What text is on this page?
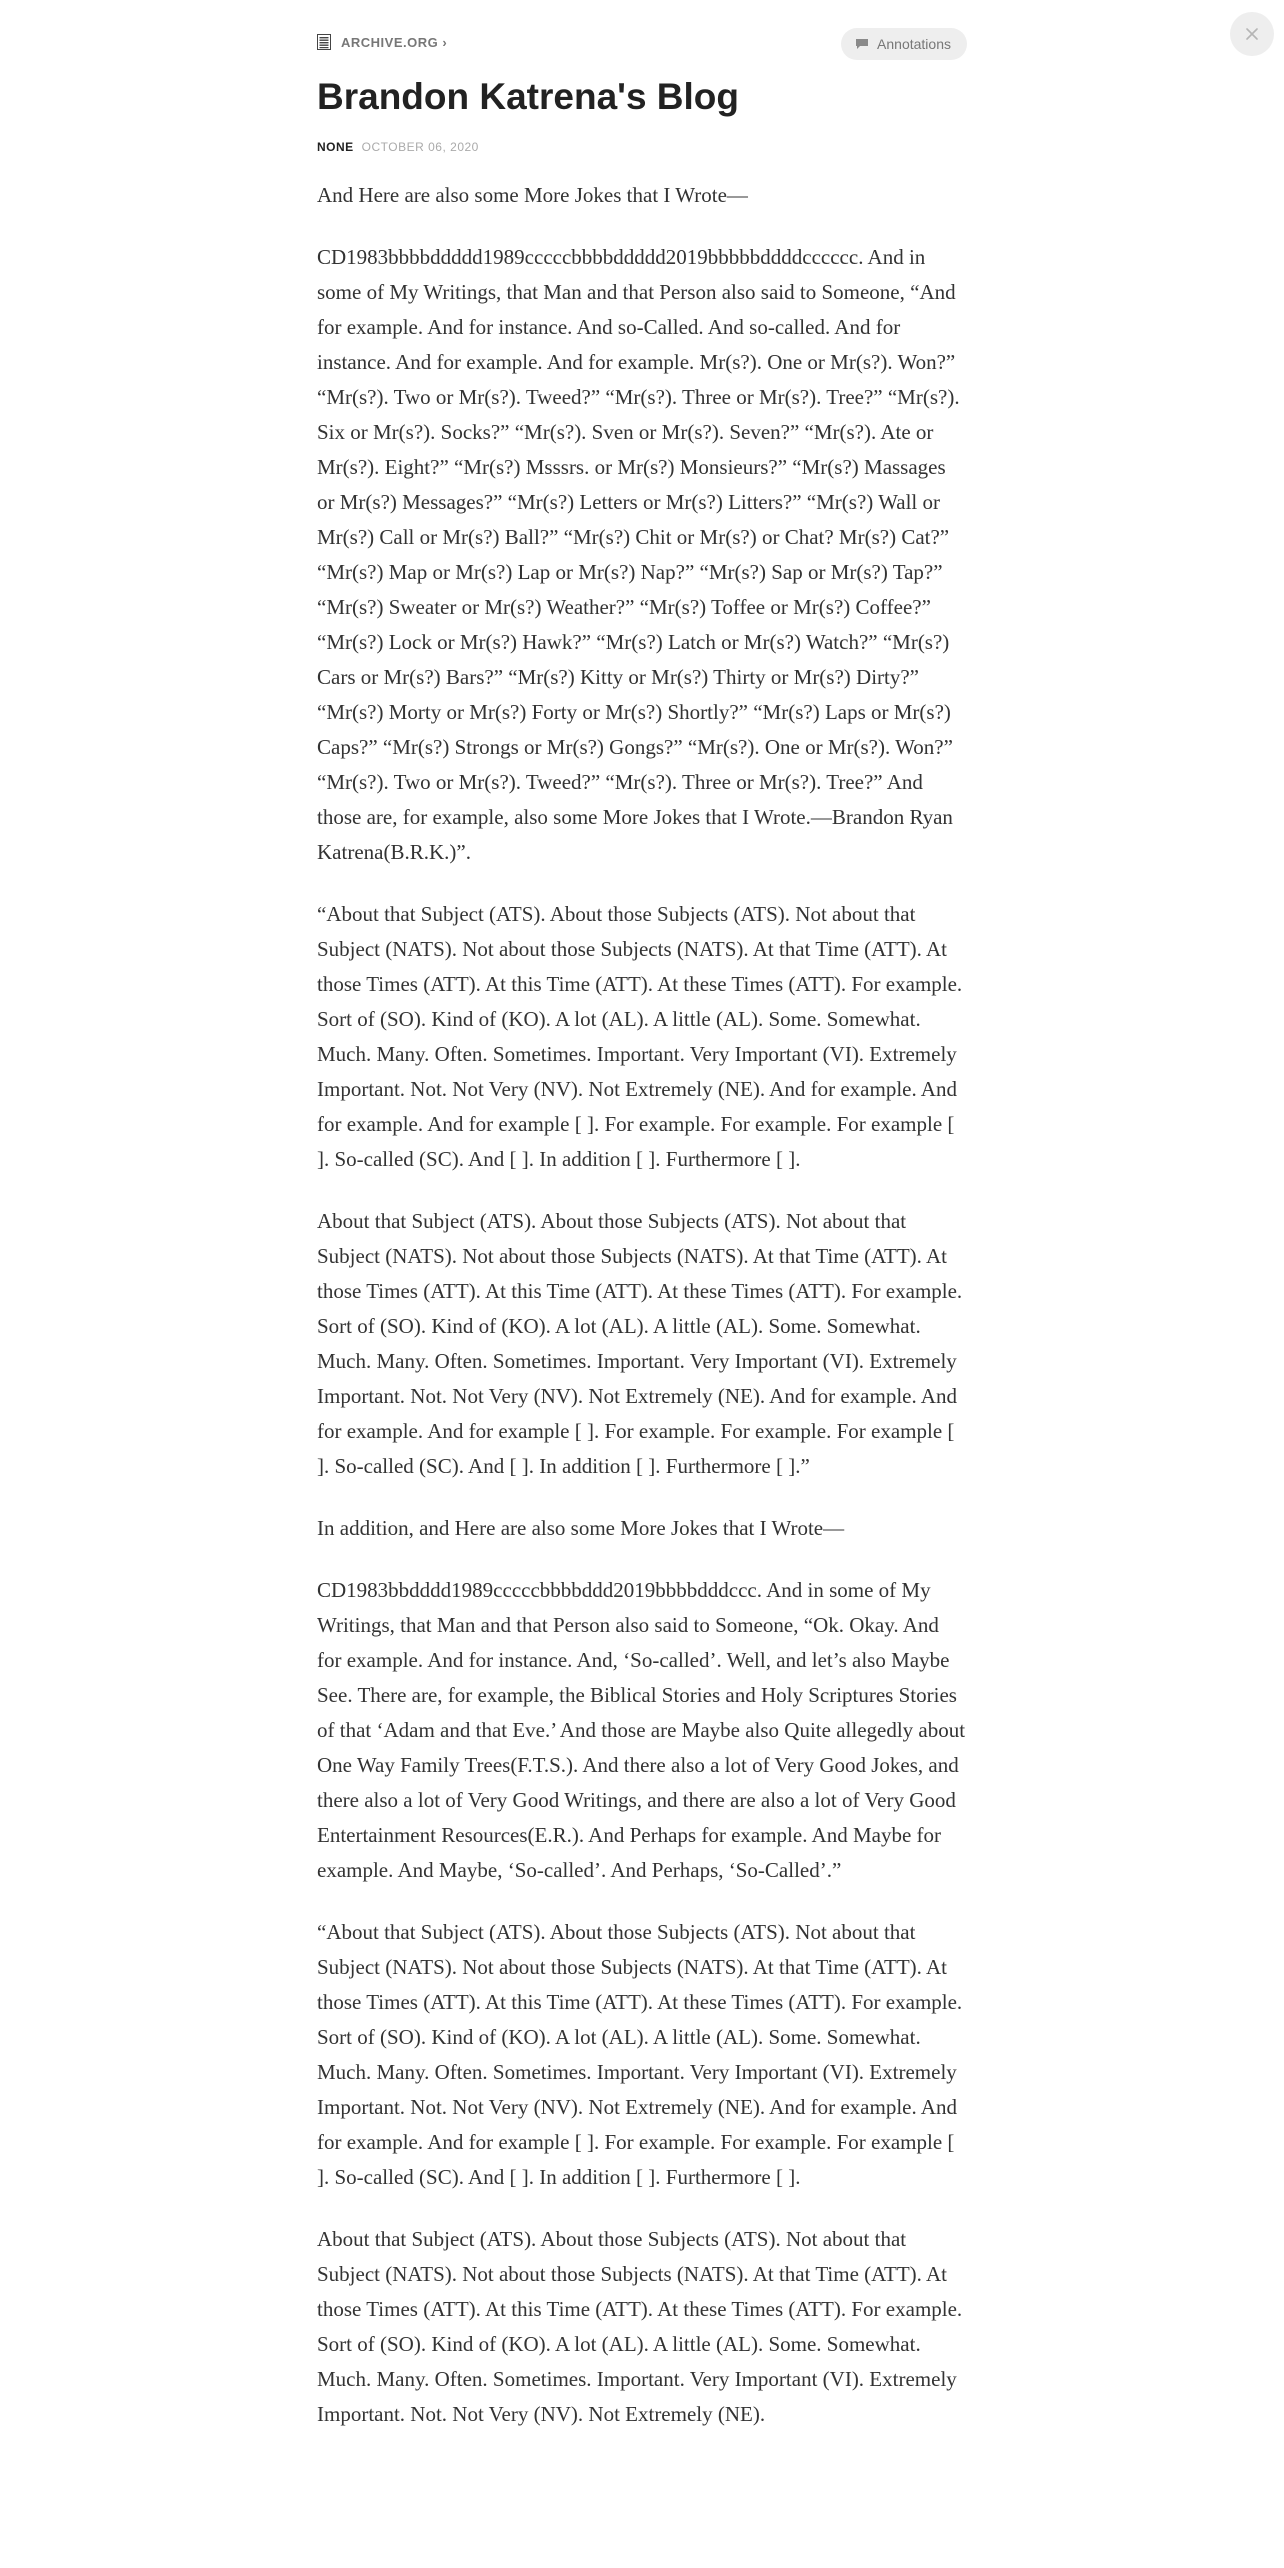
ARCHIVE.ORG ›	Annotations
Brandon Katrena's Blog
NONE OCTOBER 06, 2020

And Here are also some More Jokes that I Wrote—

CD1983bbbbddddd1989cccccbbbbddddd2019bbbbbddddcccccc. And in some of My Writings, that Man and that Person also said to Someone, “And for example. And for instance. And so-Called. And so-called. And for instance. And for example. And for example. Mr(s?). One or Mr(s?). Won?” “Mr(s?). Two or Mr(s?). Tweed?” “Mr(s?). Three or Mr(s?). Tree?” “Mr(s?). Six or Mr(s?). Socks?” “Mr(s?). Sven or Mr(s?). Seven?” “Mr(s?). Ate or Mr(s?). Eight?” “Mr(s?) Msssrs. or Mr(s?) Monsieurs?” “Mr(s?) Massages or Mr(s?) Messages?” “Mr(s?) Letters or Mr(s?) Litters?” “Mr(s?) Wall or Mr(s?) Call or Mr(s?) Ball?” “Mr(s?) Chit or Mr(s?) or Chat? Mr(s?) Cat?” “Mr(s?) Map or Mr(s?) Lap or Mr(s?) Nap?” “Mr(s?) Sap or Mr(s?) Tap?” “Mr(s?) Sweater or Mr(s?) Weather?” “Mr(s?) Toffee or Mr(s?) Coffee?” “Mr(s?) Lock or Mr(s?) Hawk?” “Mr(s?) Latch or Mr(s?) Watch?” “Mr(s?) Cars or Mr(s?) Bars?” “Mr(s?) Kitty or Mr(s?) Thirty or Mr(s?) Dirty?” “Mr(s?) Morty or Mr(s?) Forty or Mr(s?) Shortly?” “Mr(s?) Laps or Mr(s?) Caps?” “Mr(s?) Strongs or Mr(s?) Gongs?” “Mr(s?). One or Mr(s?). Won?” “Mr(s?). Two or Mr(s?). Tweed?” “Mr(s?). Three or Mr(s?). Tree?” And those are, for example, also some More Jokes that I Wrote.—Brandon Ryan Katrena(B.R.K.)”.

“About that Subject (ATS). About those Subjects (ATS). Not about that Subject (NATS). Not about those Subjects (NATS). At that Time (ATT). At those Times (ATT). At this Time (ATT). At these Times (ATT). For example. Sort of (SO). Kind of (KO). A lot (AL). A little (AL). Some. Somewhat. Much. Many. Often. Sometimes. Important. Very Important (VI). Extremely Important. Not. Not Very (NV). Not Extremely (NE). And for example. And for example. And for example [ ]. For example. For example. For example [ ]. So-called (SC). And [ ]. In addition [ ]. Furthermore [ ].

About that Subject (ATS). About those Subjects (ATS). Not about that Subject (NATS). Not about those Subjects (NATS). At that Time (ATT). At those Times (ATT). At this Time (ATT). At these Times (ATT). For example. Sort of (SO). Kind of (KO). A lot (AL). A little (AL). Some. Somewhat. Much. Many. Often. Sometimes. Important. Very Important (VI). Extremely Important. Not. Not Very (NV). Not Extremely (NE). And for example. And for example. And for example [ ]. For example. For example. For example [ ]. So-called (SC). And [ ]. In addition [ ]. Furthermore [ ].”

In addition, and Here are also some More Jokes that I Wrote—

CD1983bbdddd1989cccccbbbbddd2019bbbbdddccc. And in some of My Writings, that Man and that Person also said to Someone, “Ok. Okay. And for example. And for instance. And, ‘So-called’. Well, and let’s also Maybe See. There are, for example, the Biblical Stories and Holy Scriptures Stories of that ‘Adam and that Eve.’ And those are Maybe also Quite allegedly about One Way Family Trees(F.T.S.). And there also a lot of Very Good Jokes, and there also a lot of Very Good Writings, and there are also a lot of Very Good Entertainment Resources(E.R.). And Perhaps for example. And Maybe for example. And Maybe, ‘So-called’. And Perhaps, ‘So-Called’.”

“About that Subject (ATS). About those Subjects (ATS). Not about that Subject (NATS). Not about those Subjects (NATS). At that Time (ATT). At those Times (ATT). At this Time (ATT). At these Times (ATT). For example. Sort of (SO). Kind of (KO). A lot (AL). A little (AL). Some. Somewhat. Much. Many. Often. Sometimes. Important. Very Important (VI). Extremely Important. Not. Not Very (NV). Not Extremely (NE). And for example. And for example. And for example [ ]. For example. For example. For example [ ]. So-called (SC). And [ ]. In addition [ ]. Furthermore [ ].

About that Subject (ATS). About those Subjects (ATS). Not about that Subject (NATS). Not about those Subjects (NATS). At that Time (ATT). At those Times (ATT). At this Time (ATT). At these Times (ATT). For example. Sort of (SO). Kind of (KO). A lot (AL). A little (AL). Some. Somewhat. Much. Many. Often. Sometimes. Important. Very Important (VI). Extremely Important. Not. Not Very (NV). Not Extremely (NE).
